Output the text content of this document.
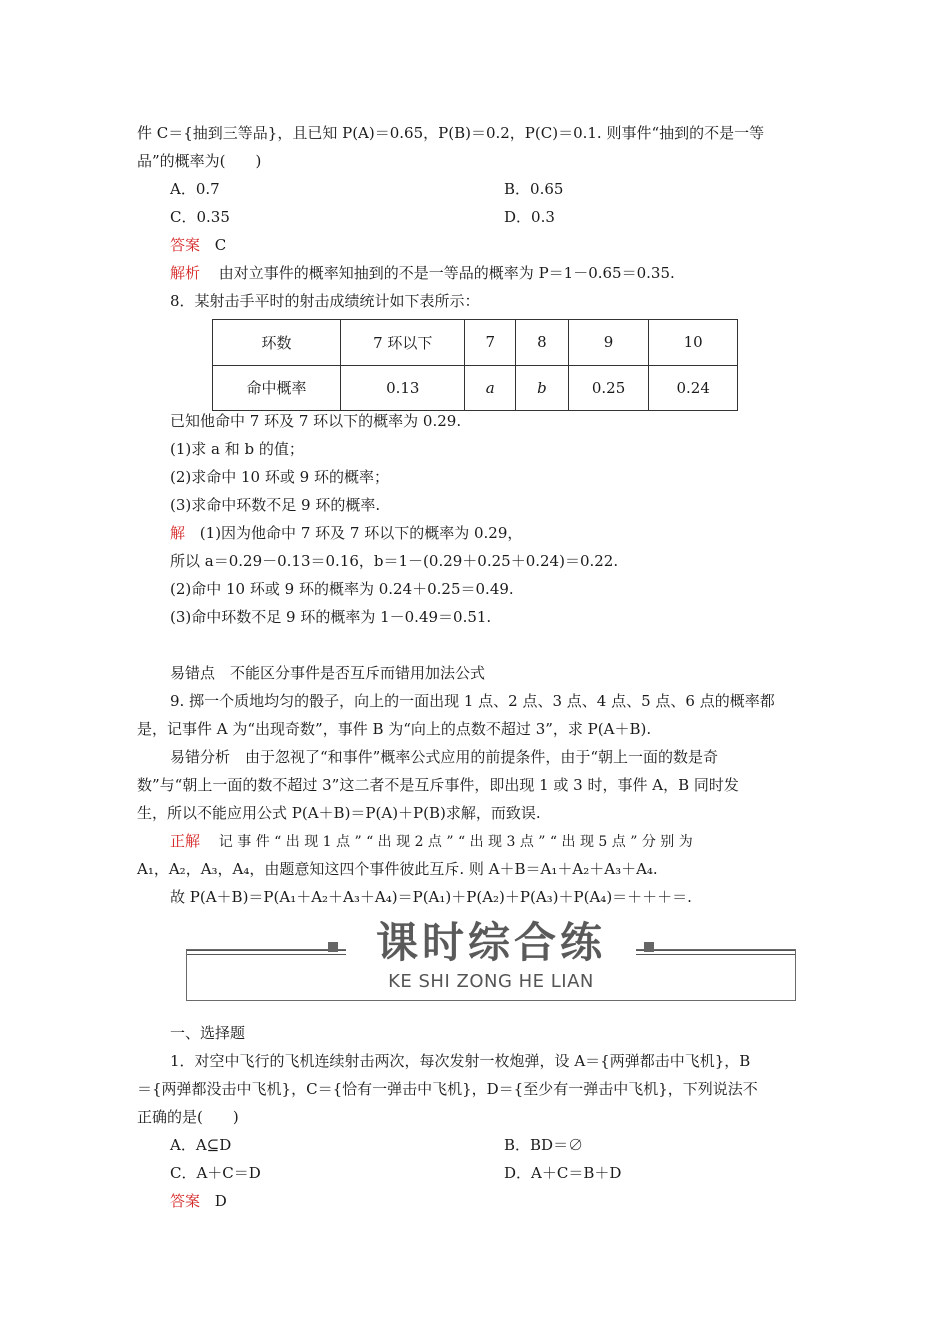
件 C＝{抽到三等品}，且已知 P(A)＝0.65，P(B)＝0.2，P(C)＝0.1. 则事件“抽到的不是一等
品”的概率为(　　)
A．0.7	B．0.65
C．0.35	D．0.3
答案 C
解析 由对立事件的概率知抽到的不是一等品的概率为 P＝1－0.65＝0.35.
8．某射击手平时的射击成绩统计如下表所示：
环数	7 环以下	7	8	9	10
命中概率	0.13	a	b	0.25	0.24
已知他命中 7 环及 7 环以下的概率为 0.29.
(1)求 a 和 b 的值；
(2)求命中 10 环或 9 环的概率；
(3)求命中环数不足 9 环的概率.
解 (1)因为他命中 7 环及 7 环以下的概率为 0.29，
所以 a＝0.29－0.13＝0.16，b＝1－(0.29＋0.25＋0.24)＝0.22.
(2)命中 10 环或 9 环的概率为 0.24＋0.25＝0.49.
(3)命中环数不足 9 环的概率为 1－0.49＝0.51.
易错点　不能区分事件是否互斥而错用加法公式
9. 掷一个质地均匀的骰子，向上的一面出现 1 点、2 点、3 点、4 点、5 点、6 点的概率都
是，记事件 A 为“出现奇数”，事件 B 为“向上的点数不超过 3”，求 P(A＋B).
易错分析　由于忽视了“和事件”概率公式应用的前提条件，由于“朝上一面的数是奇
数”与“朝上一面的数不超过 3”这二者不是互斥事件，即出现 1 或 3 时，事件 A，B 同时发
生，所以不能应用公式 P(A＋B)＝P(A)＋P(B)求解，而致误.
正解 记 事 件 “ 出 现 1 点 ” “ 出 现 2 点 ” “ 出 现 3 点 ” “ 出 现 5 点 ” 分 别 为
A₁，A₂，A₃，A₄，由题意知这四个事件彼此互斥. 则 A＋B＝A₁＋A₂＋A₃＋A₄.
故 P(A＋B)＝P(A₁＋A₂＋A₃＋A₄)＝P(A₁)＋P(A₂)＋P(A₃)＋P(A₄)＝＋＋＋＝.
课时综合练
KE SHI ZONG HE LIAN
一、选择题
1．对空中飞行的飞机连续射击两次，每次发射一枚炮弹，设 A＝{两弹都击中飞机}，B
＝{两弹都没击中飞机}，C＝{恰有一弹击中飞机}，D＝{至少有一弹击中飞机}，下列说法不
正确的是(　　)
A．A⊆D	B．BD＝∅
C．A＋C＝D	D．A＋C＝B＋D
答案 D
